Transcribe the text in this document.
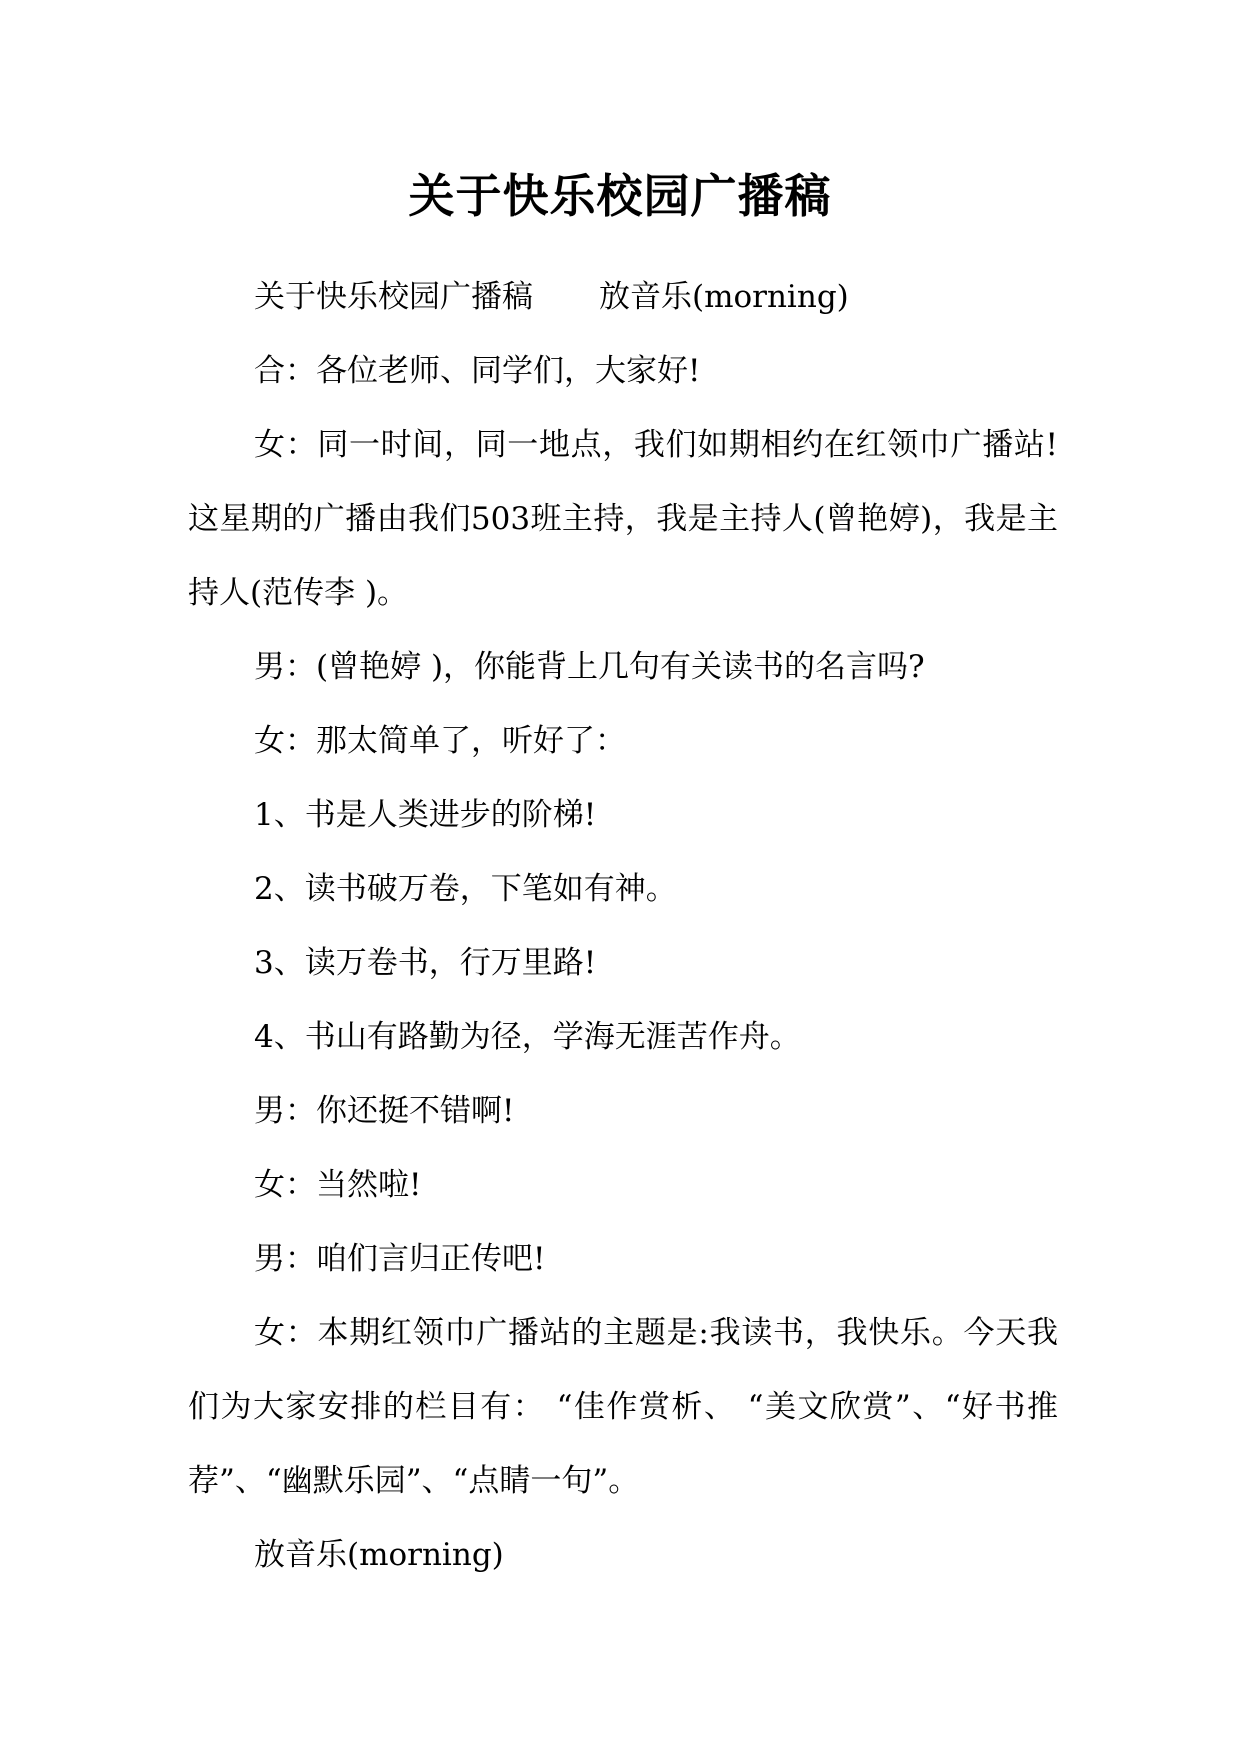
关于快乐校园广播稿

关于快乐校园广播稿 放音乐(morning)

合：各位老师、同学们，大家好!

女：同一时间，同一地点，我们如期相约在红领巾广播站!这星期的广播由我们503班主持，我是主持人(曾艳婷)，我是主持人(范传李 )。

男：(曾艳婷 )，你能背上几句有关读书的名言吗?

女：那太简单了，听好了：

1、书是人类进步的阶梯!

2、读书破万卷，下笔如有神。

3、读万卷书，行万里路!

4、书山有路勤为径，学海无涯苦作舟。

男：你还挺不错啊!

女：当然啦!

男：咱们言归正传吧!

女：本期红领巾广播站的主题是:我读书，我快乐。今天我们为大家安排的栏目有： “佳作赏析、 “美文欣赏”、“好书推荐”、“幽默乐园”、“点睛一句”。

放音乐(morning)
